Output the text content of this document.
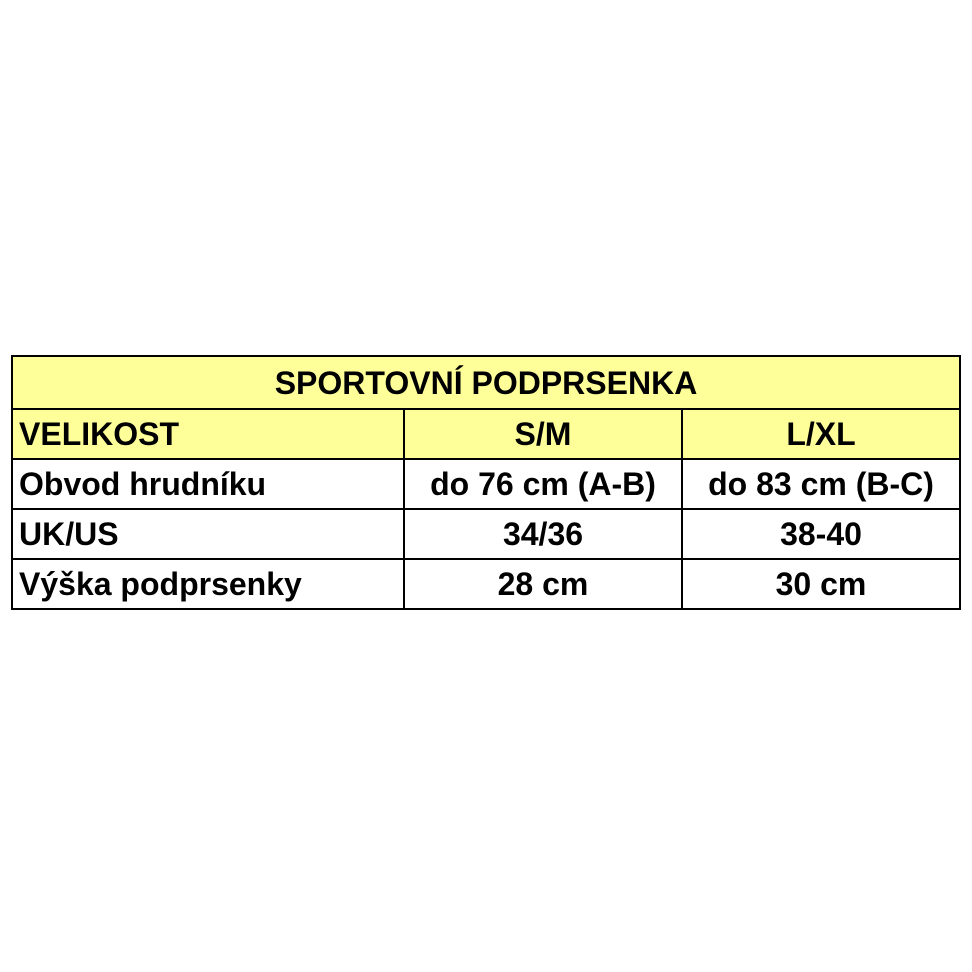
SPORTOVNÍ PODPRSENKA		
VELIKOST	S/M	L/XL
Obvod hrudníku	do 76 cm (A-B)	do 83 cm (B-C)
UK/US	34/36	38-40
Výška podprsenky	28 cm	30 cm
